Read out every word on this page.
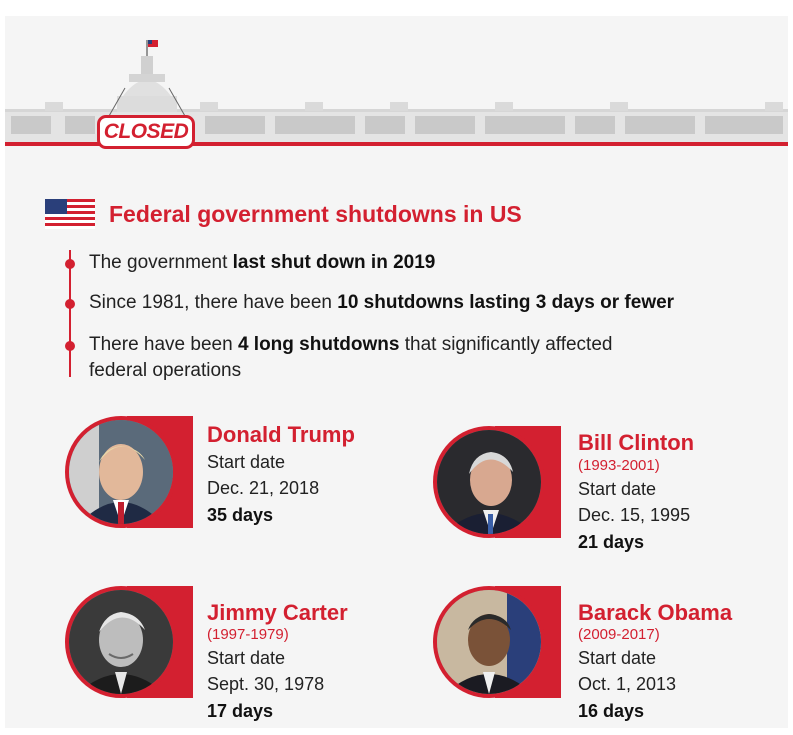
CLOSED
Federal government shutdowns in US
The government last shut down in 2019
Since 1981, there have been 10 shutdowns lasting 3 days or fewer
There have been 4 long shutdowns that significantly affected
federal operations
Donald Trump
Start date
Dec. 21, 2018
35 days
Bill Clinton
(1993-2001)
Start date
Dec. 15, 1995
21 days
Jimmy Carter
(1997-1979)
Start date
Sept. 30, 1978
17 days
Barack Obama
(2009-2017)
Start date
Oct. 1, 2013
16 days
